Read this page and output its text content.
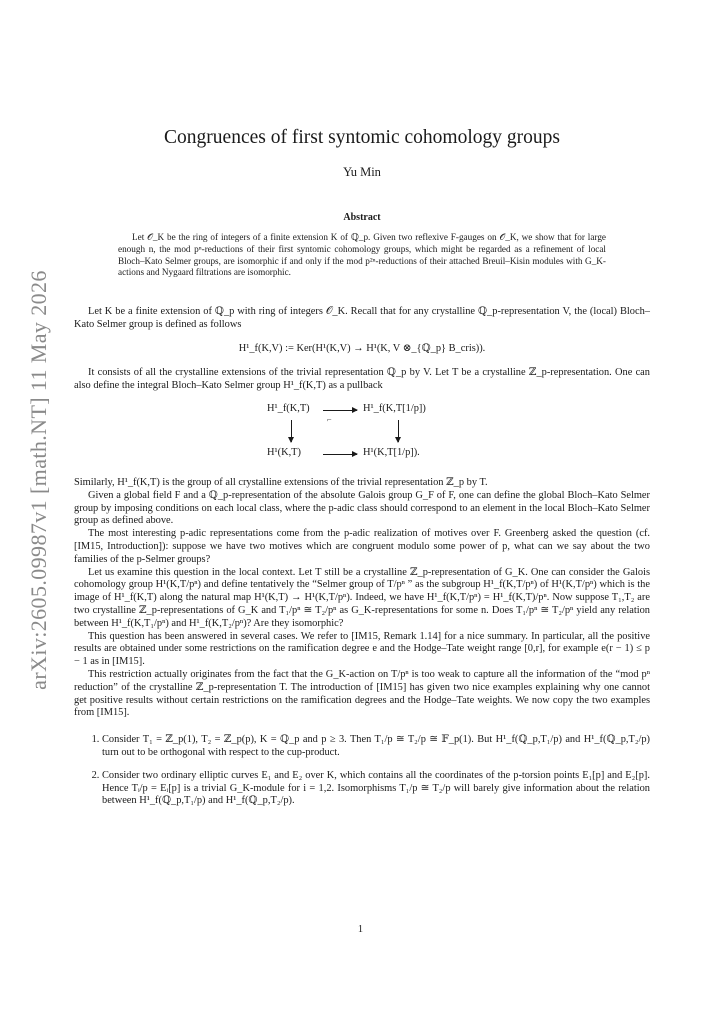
arXiv:2605.09987v1 [math.NT] 11 May 2026
Congruences of first syntomic cohomology groups
Yu Min
Abstract

Let 𝒪_K be the ring of integers of a finite extension K of ℚ_p. Given two reflexive F-gauges on 𝒪_K, we show that for large enough n, the mod pⁿ-reductions of their first syntomic cohomology groups, which might be regarded as a refinement of local Bloch–Kato Selmer groups, are isomorphic if and only if the mod p²ⁿ-reductions of their attached Breuil–Kisin modules with G_K-actions and Nygaard filtrations are isomorphic.

Let K be a finite extension of ℚ_p with ring of integers 𝒪_K. Recall that for any crystalline ℚ_p-representation V, the (local) Bloch–Kato Selmer group is defined as follows

H¹_f(K,V) := Ker(H¹(K,V) → H¹(K, V ⊗_{ℚ_p} B_cris)).

It consists of all the crystalline extensions of the trivial representation ℚ_p by V. Let T be a crystalline ℤ_p-representation. One can also define the integral Bloch–Kato Selmer group H¹_f(K,T) as a pullback

H¹_f(K,T)	H¹_f(K,T[1/p])
⌐
H¹(K,T)	H¹(K,T[1/p]).

Similarly, H¹_f(K,T) is the group of all crystalline extensions of the trivial representation ℤ_p by T.

Given a global field F and a ℚ_p-representation of the absolute Galois group G_F of F, one can define the global Bloch–Kato Selmer group by imposing conditions on each local class, where the p-adic class should correspond to an element in the local Bloch–Kato Selmer group as defined above.

The most interesting p-adic representations come from the p-adic realization of motives over F. Greenberg asked the question (cf. [IM15, Introduction]): suppose we have two motives which are congruent modulo some power of p, what can we say about the two families of the p-Selmer groups?

Let us examine this question in the local context. Let T still be a crystalline ℤ_p-representation of G_K. One can consider the Galois cohomology group H¹(K,T/pⁿ) and define tentatively the “Selmer group of T/pⁿ ” as the subgroup H¹_f(K,T/pⁿ) of H¹(K,T/pⁿ) which is the image of H¹_f(K,T) along the natural map H¹(K,T) → H¹(K,T/pⁿ). Indeed, we have H¹_f(K,T/pⁿ) = H¹_f(K,T)/pⁿ. Now suppose T₁,T₂ are two crystalline ℤ_p-representations of G_K and T₁/pⁿ ≅ T₂/pⁿ as G_K-representations for some n. Does T₁/pⁿ ≅ T₂/pⁿ yield any relation between H¹_f(K,T₁/pⁿ) and H¹_f(K,T₂/pⁿ)? Are they isomorphic?

This question has been answered in several cases. We refer to [IM15, Remark 1.14] for a nice summary. In particular, all the positive results are obtained under some restrictions on the ramification degree e and the Hodge–Tate weight range [0,r], for example e(r − 1) ≤ p − 1 as in [IM15].

This restriction actually originates from the fact that the G_K-action on T/pⁿ is too weak to capture all the information of the “mod pⁿ reduction” of the crystalline ℤ_p-representation T. The introduction of [IM15] has given two nice examples explaining why one cannot get positive results without certain restrictions on the ramification degrees and the Hodge–Tate weights. We now copy the two examples from [IM15].

1. Consider T₁ = ℤ_p(1), T₂ = ℤ_p(p), K = ℚ_p and p ≥ 3. Then T₁/p ≅ T₂/p ≅ 𝔽_p(1). But H¹_f(ℚ_p,T₁/p) and H¹_f(ℚ_p,T₂/p) turn out to be orthogonal with respect to the cup-product.
2. Consider two ordinary elliptic curves E₁ and E₂ over K, which contains all the coordinates of the p-torsion points E₁[p] and E₂[p]. Hence Tᵢ/p = Eᵢ[p] is a trivial G_K-module for i = 1,2. Isomorphisms T₁/p ≅ T₂/p will barely give information about the relation between H¹_f(ℚ_p,T₁/p) and H¹_f(ℚ_p,T₂/p).
1
